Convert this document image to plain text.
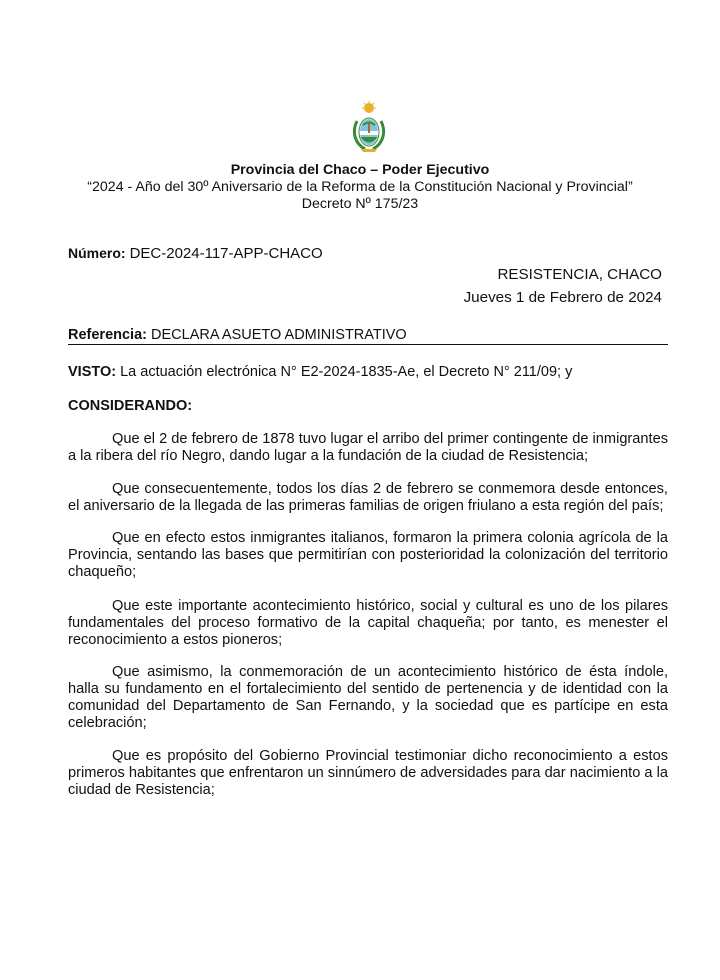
Provincia del Chaco – Poder Ejecutivo
“2024 - Año del 30º Aniversario de la Reforma de la Constitución Nacional y Provincial”
Decreto Nº 175/23
Número: DEC-2024-117-APP-CHACO
RESISTENCIA, CHACO
Jueves 1 de Febrero de 2024
Referencia: DECLARA ASUETO ADMINISTRATIVO
VISTO: La actuación electrónica N° E2-2024-1835-Ae, el Decreto N° 211/09; y
CONSIDERANDO:

Que el 2 de febrero de 1878 tuvo lugar el arribo del primer contingente de inmigrantes a la ribera del río Negro, dando lugar a la fundación de la ciudad de Resistencia;

Que consecuentemente, todos los días 2 de febrero se conmemora desde entonces, el aniversario de la llegada de las primeras familias de origen friulano a esta región del país;

Que en efecto estos inmigrantes italianos, formaron la primera colonia agrícola de la Provincia, sentando las bases que permitirían con posterioridad la colonización del territorio chaqueño;

Que este importante acontecimiento histórico, social y cultural es uno de los pilares fundamentales del proceso formativo de la capital chaqueña; por tanto, es menester el reconocimiento a estos pioneros;

Que asimismo, la conmemoración de un acontecimiento histórico de ésta índole, halla su fundamento en el fortalecimiento del sentido de pertenencia y de identidad con la comunidad del Departamento de San Fernando, y la sociedad que es partícipe en esta celebración;

Que es propósito del Gobierno Provincial testimoniar dicho reconocimiento a estos primeros habitantes que enfrentaron un sinnúmero de adversidades para dar nacimiento a la ciudad de Resistencia;
